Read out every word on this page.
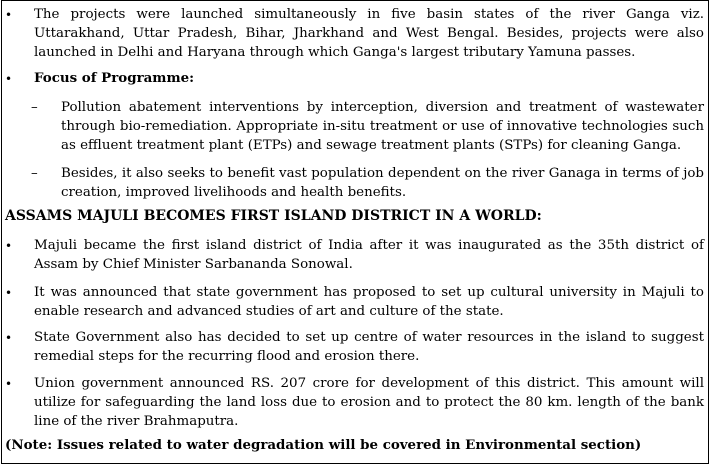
• The projects were launched simultaneously in five basin states of the river Ganga viz. Uttarakhand, Uttar Pradesh, Bihar, Jharkhand and West Bengal. Besides, projects were also launched in Delhi and Haryana through which Ganga's largest tributary Yamuna passes.

• Focus of Programme:

– Pollution abatement interventions by interception, diversion and treatment of wastewater through bio-remediation. Appropriate in-situ treatment or use of innovative technologies such as effluent treatment plant (ETPs) and sewage treatment plants (STPs) for cleaning Ganga.

– Besides, it also seeks to benefit vast population dependent on the river Ganaga in terms of job creation, improved livelihoods and health benefits.

ASSAMS MAJULI BECOMES FIRST ISLAND DISTRICT IN A WORLD:

• Majuli became the first island district of India after it was inaugurated as the 35th district of Assam by Chief Minister Sarbananda Sonowal.

• It was announced that state government has proposed to set up cultural university in Majuli to enable research and advanced studies of art and culture of the state.

• State Government also has decided to set up centre of water resources in the island to suggest remedial steps for the recurring flood and erosion there.

• Union government announced RS. 207 crore for development of this district. This amount will utilize for safeguarding the land loss due to erosion and to protect the 80 km. length of the bank line of the river Brahmaputra.

(Note: Issues related to water degradation will be covered in Environmental section)
